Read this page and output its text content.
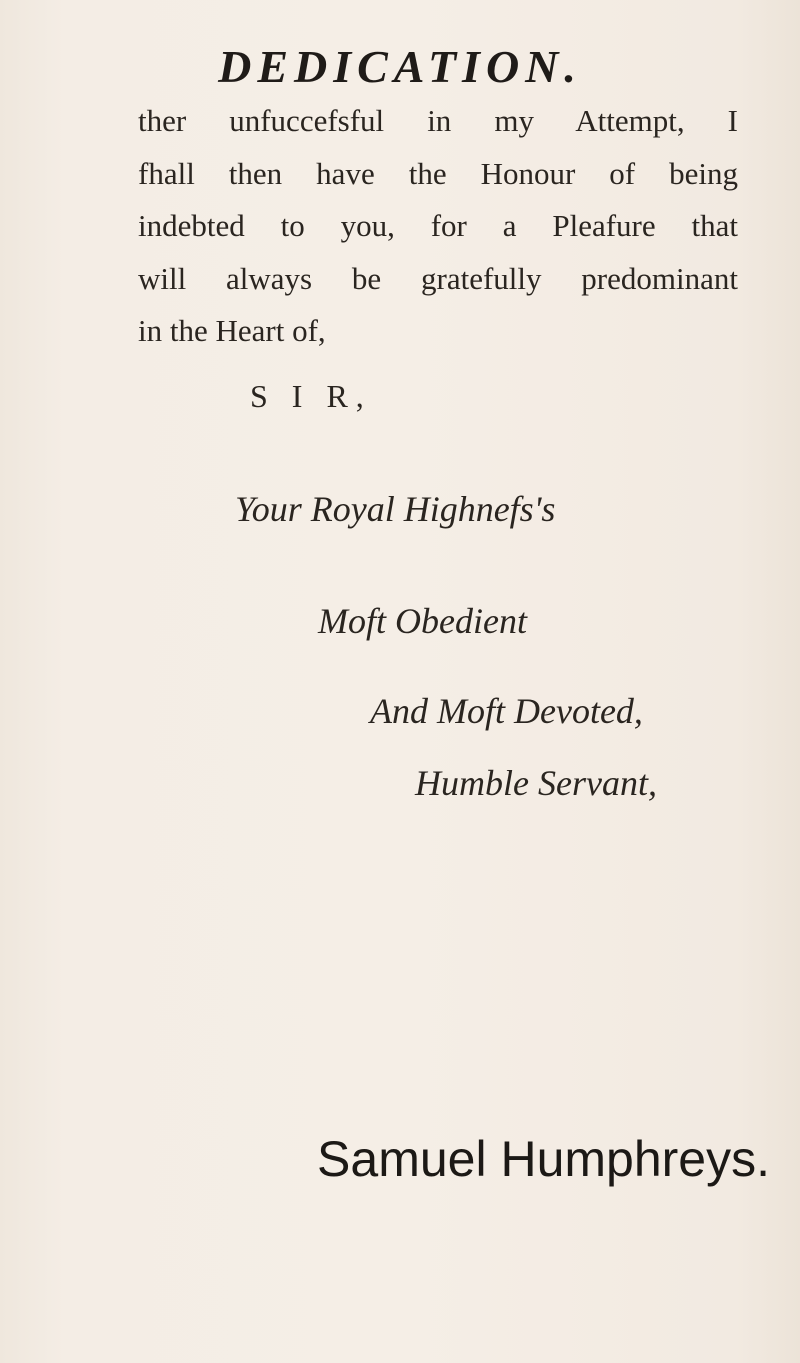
DEDICATION.
ther unfuccefsful in my Attempt, I
fhall then have the Honour of being
indebted to you, for a Pleafure that
will always be gratefully predominant
in the Heart of,
S I R,
Your Royal Highnefs's
Moft Obedient
And Moft Devoted,
Humble Servant,
Samuel Humphreys.
